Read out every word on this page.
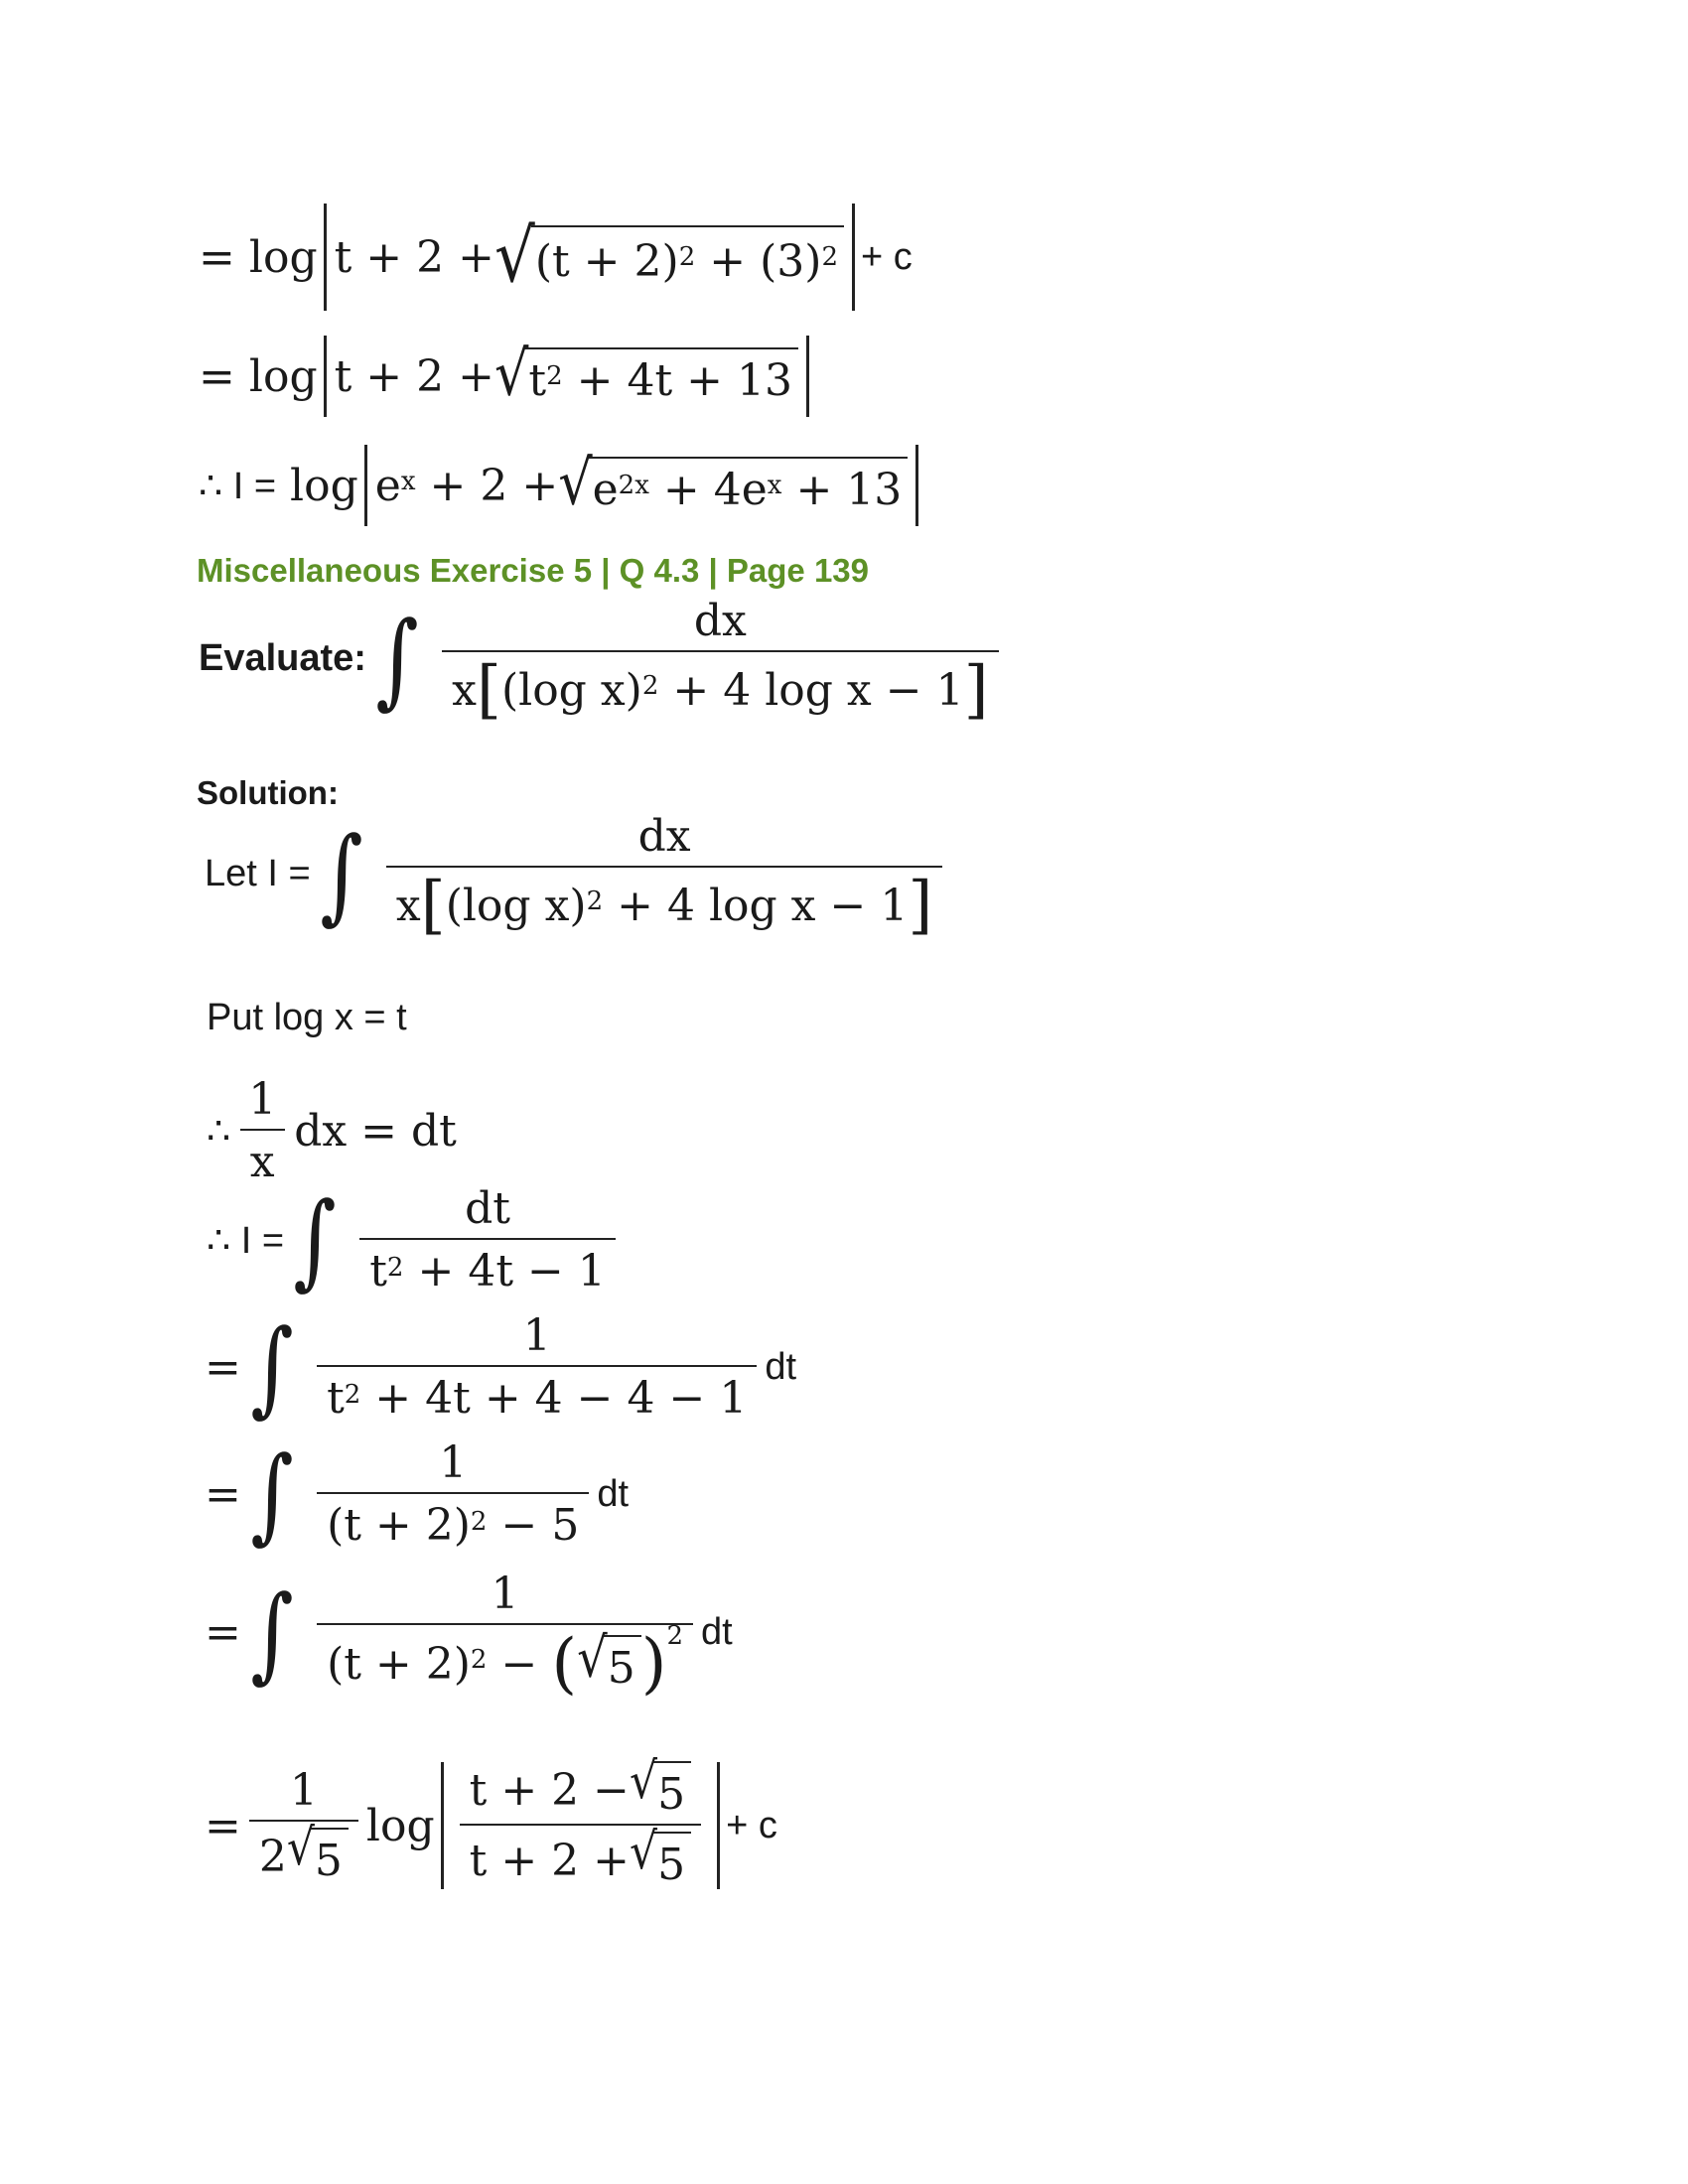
= log t + 2 + √ (t + 2) 2 + (3) 2 + c
= log t + 2 + √ t 2 + 4t + 13
∴ I = log e x + 2 + √ e 2x + 4e x + 13
Miscellaneous Exercise 5 | Q 4.3 | Page 139
Evaluate: ∫ $\frac{dx}{\text{x [ (log x) 2 + 4 log x − 1 ]}}$
Solution:
Let I = ∫ $\frac{dx}{\text{x [ (log x) 2 + 4 log x − 1 ]}}$
Put log x = t
∴ $\frac{1}{x}$ dx = dt
∴ I = ∫ $\frac{dt}{t 2 + 4t - 1}$
= ∫ $\frac{1}{t 2 + 4t + 4 - 4 - 1}$ dt
= ∫ $\frac{1}{(t + 2) 2 - 5}$ dt
= ∫	1
(t + 2) 2 − ( √ 5 ) 2 dt
= $\frac{1}{2 √ 5}$ $\log \frac{t + 2 - √ 5}{t + 2 + √ 5} + c$
